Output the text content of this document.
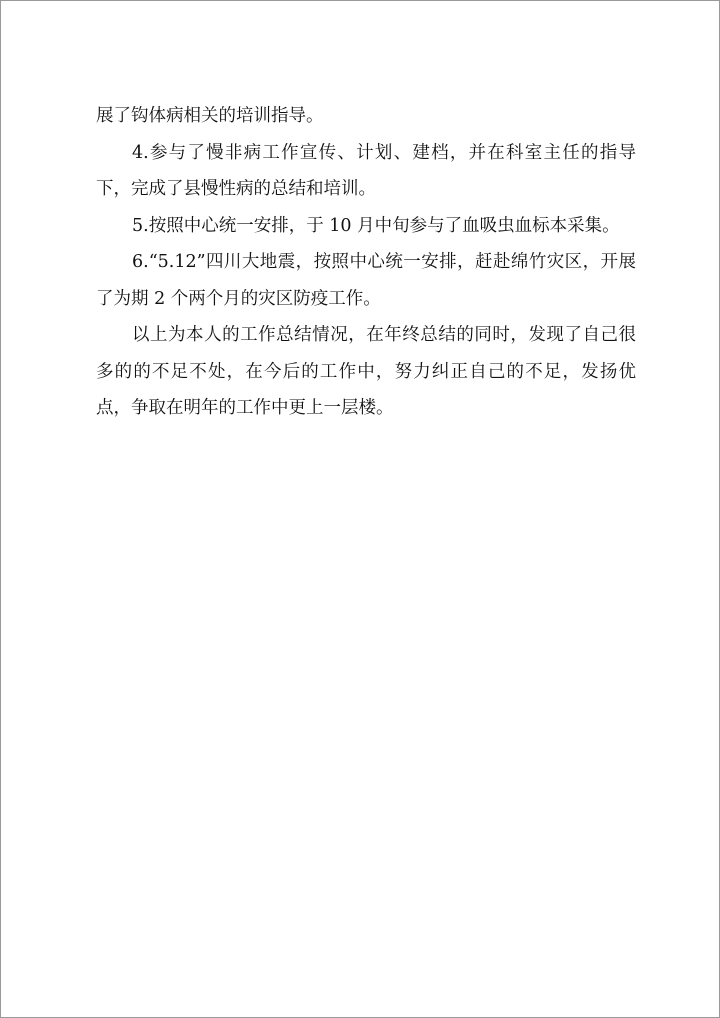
展了钩体病相关的培训指导。

4.参与了慢非病工作宣传、计划、建档，并在科室主任的指导下，完成了县慢性病的总结和培训。

5.按照中心统一安排，于 10 月中旬参与了血吸虫血标本采集。

6.“5.12”四川大地震，按照中心统一安排，赶赴绵竹灾区，开展了为期 2 个两个月的灾区防疫工作。

以上为本人的工作总结情况，在年终总结的同时，发现了自己很多的的不足不处，在今后的工作中，努力纠正自己的不足，发扬优点，争取在明年的工作中更上一层楼。
